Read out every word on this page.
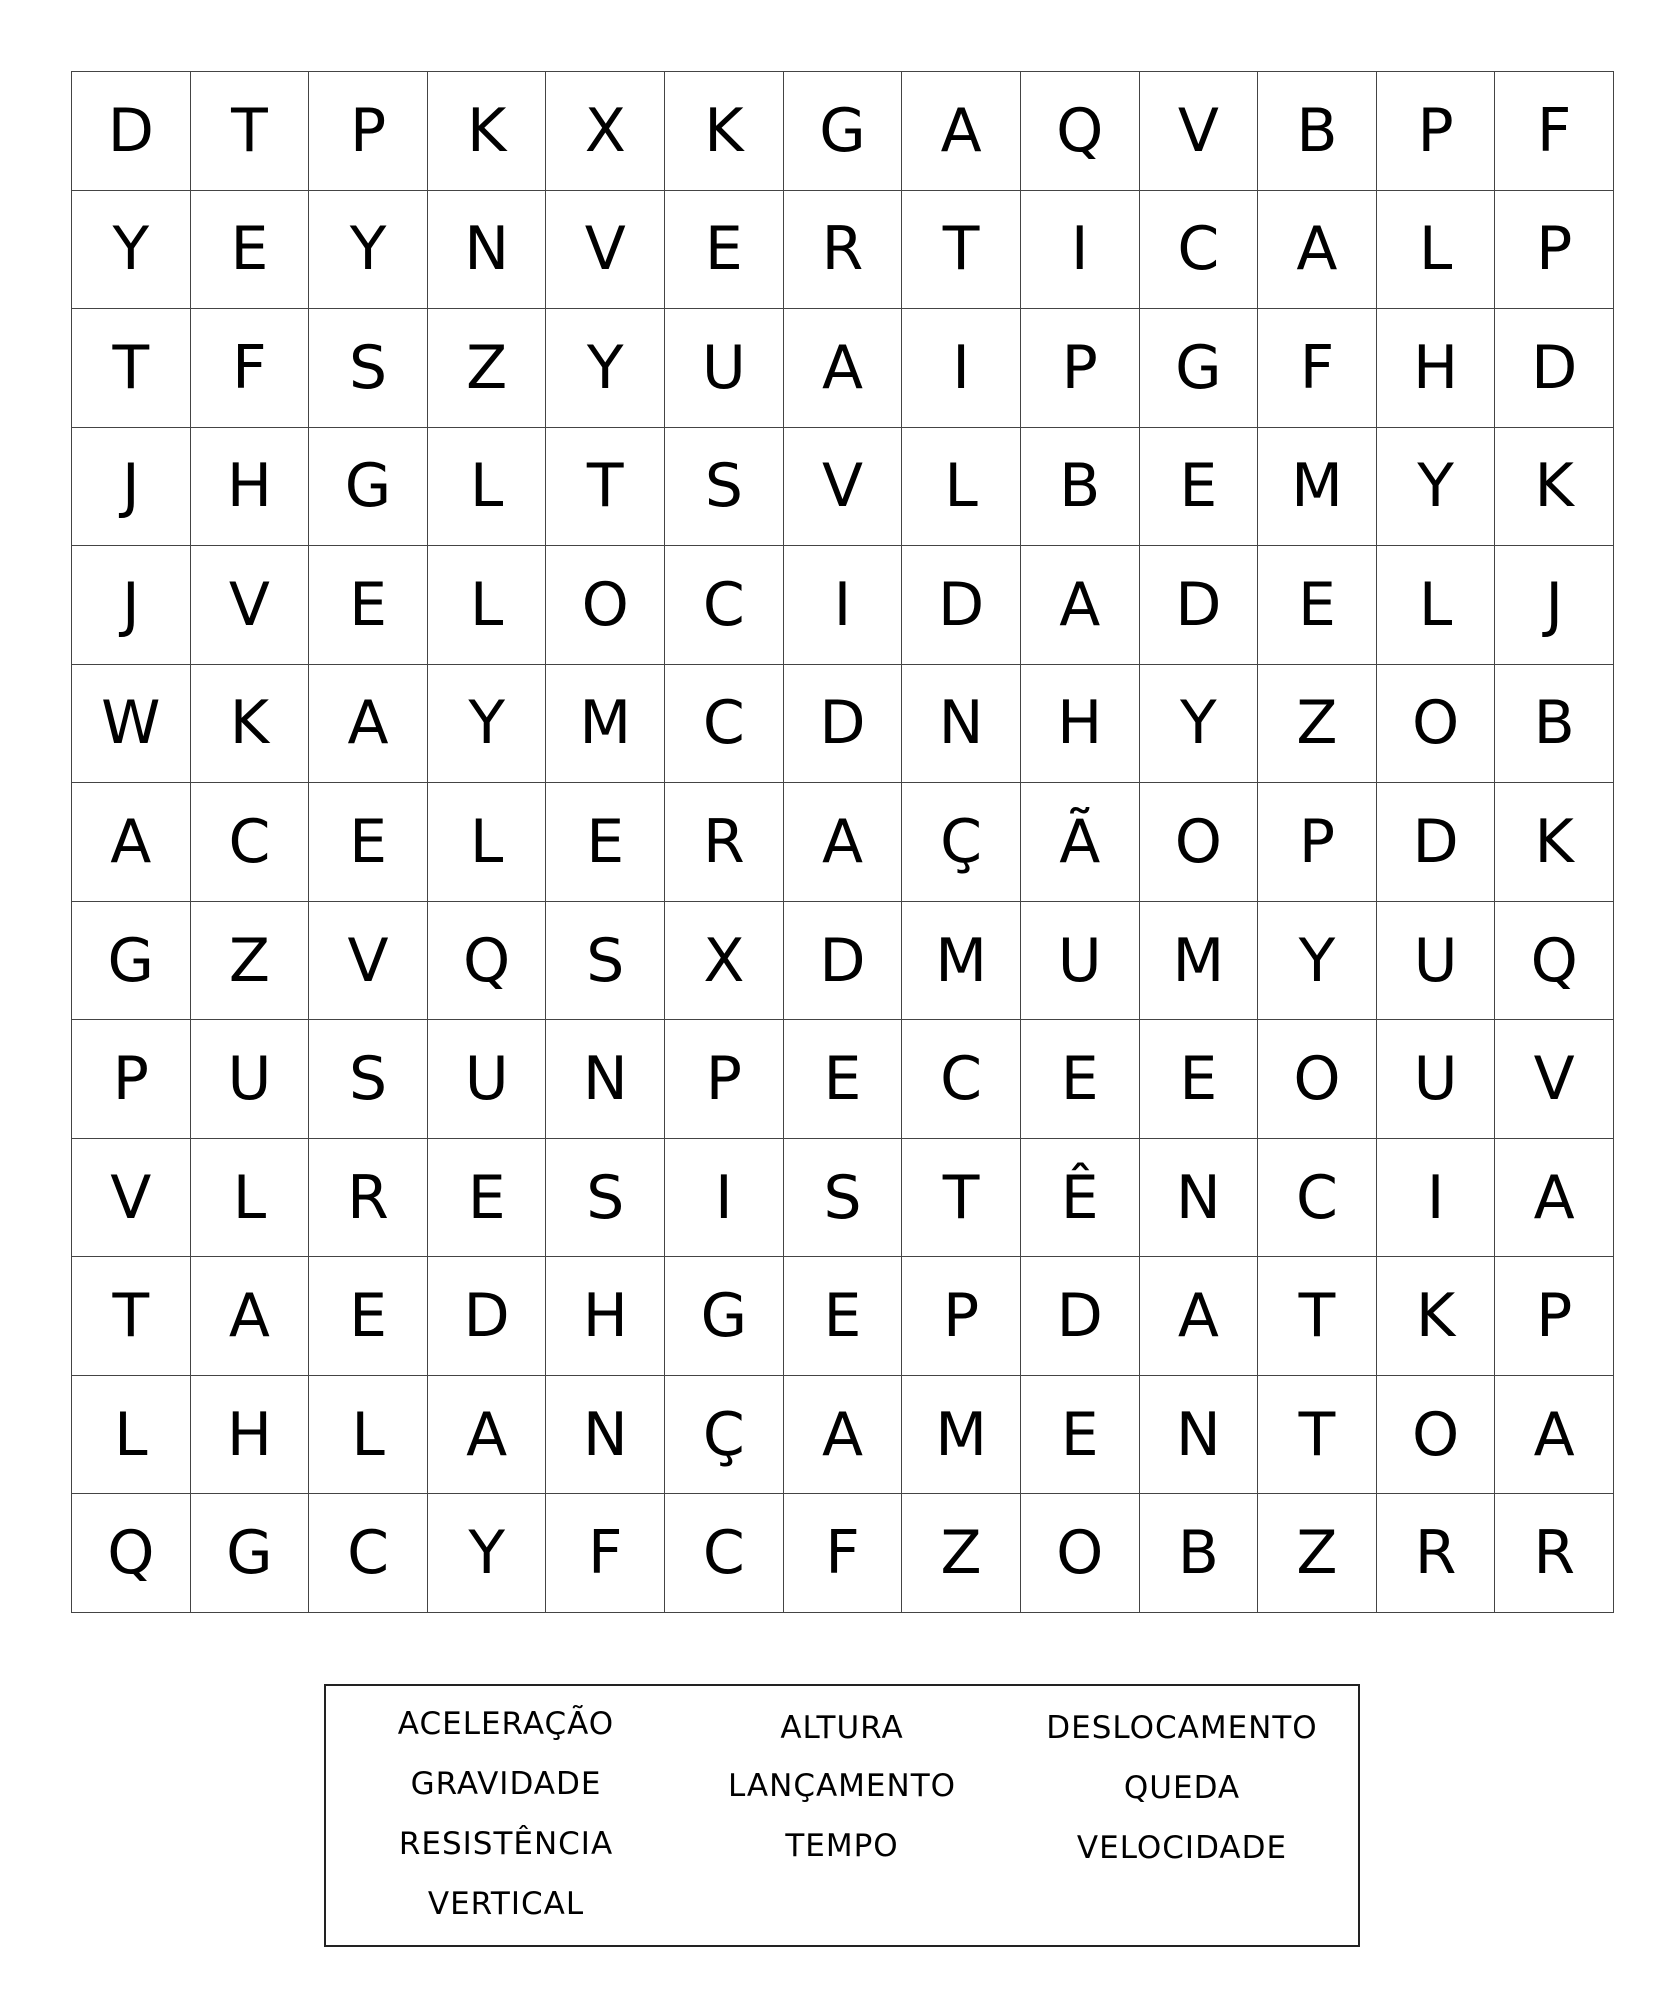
D	T	P	K	X	K	G	A	Q	V	B	P	F
Y	E	Y	N	V	E	R	T	I	C	A	L	P
T	F	S	Z	Y	U	A	I	P	G	F	H	D
J	H	G	L	T	S	V	L	B	E	M	Y	K
J	V	E	L	O	C	I	D	A	D	E	L	J
W	K	A	Y	M	C	D	N	H	Y	Z	O	B
A	C	E	L	E	R	A	Ç	Ã	O	P	D	K
G	Z	V	Q	S	X	D	M	U	M	Y	U	Q
P	U	S	U	N	P	E	C	E	E	O	U	V
V	L	R	E	S	I	S	T	Ê	N	C	I	A
T	A	E	D	H	G	E	P	D	A	T	K	P
L	H	L	A	N	Ç	A	M	E	N	T	O	A
Q	G	C	Y	F	C	F	Z	O	B	Z	R	R
ACELERAÇÃO
GRAVIDADE
RESISTÊNCIA
VERTICAL
ALTURA
LANÇAMENTO
TEMPO
DESLOCAMENTO
QUEDA
VELOCIDADE
